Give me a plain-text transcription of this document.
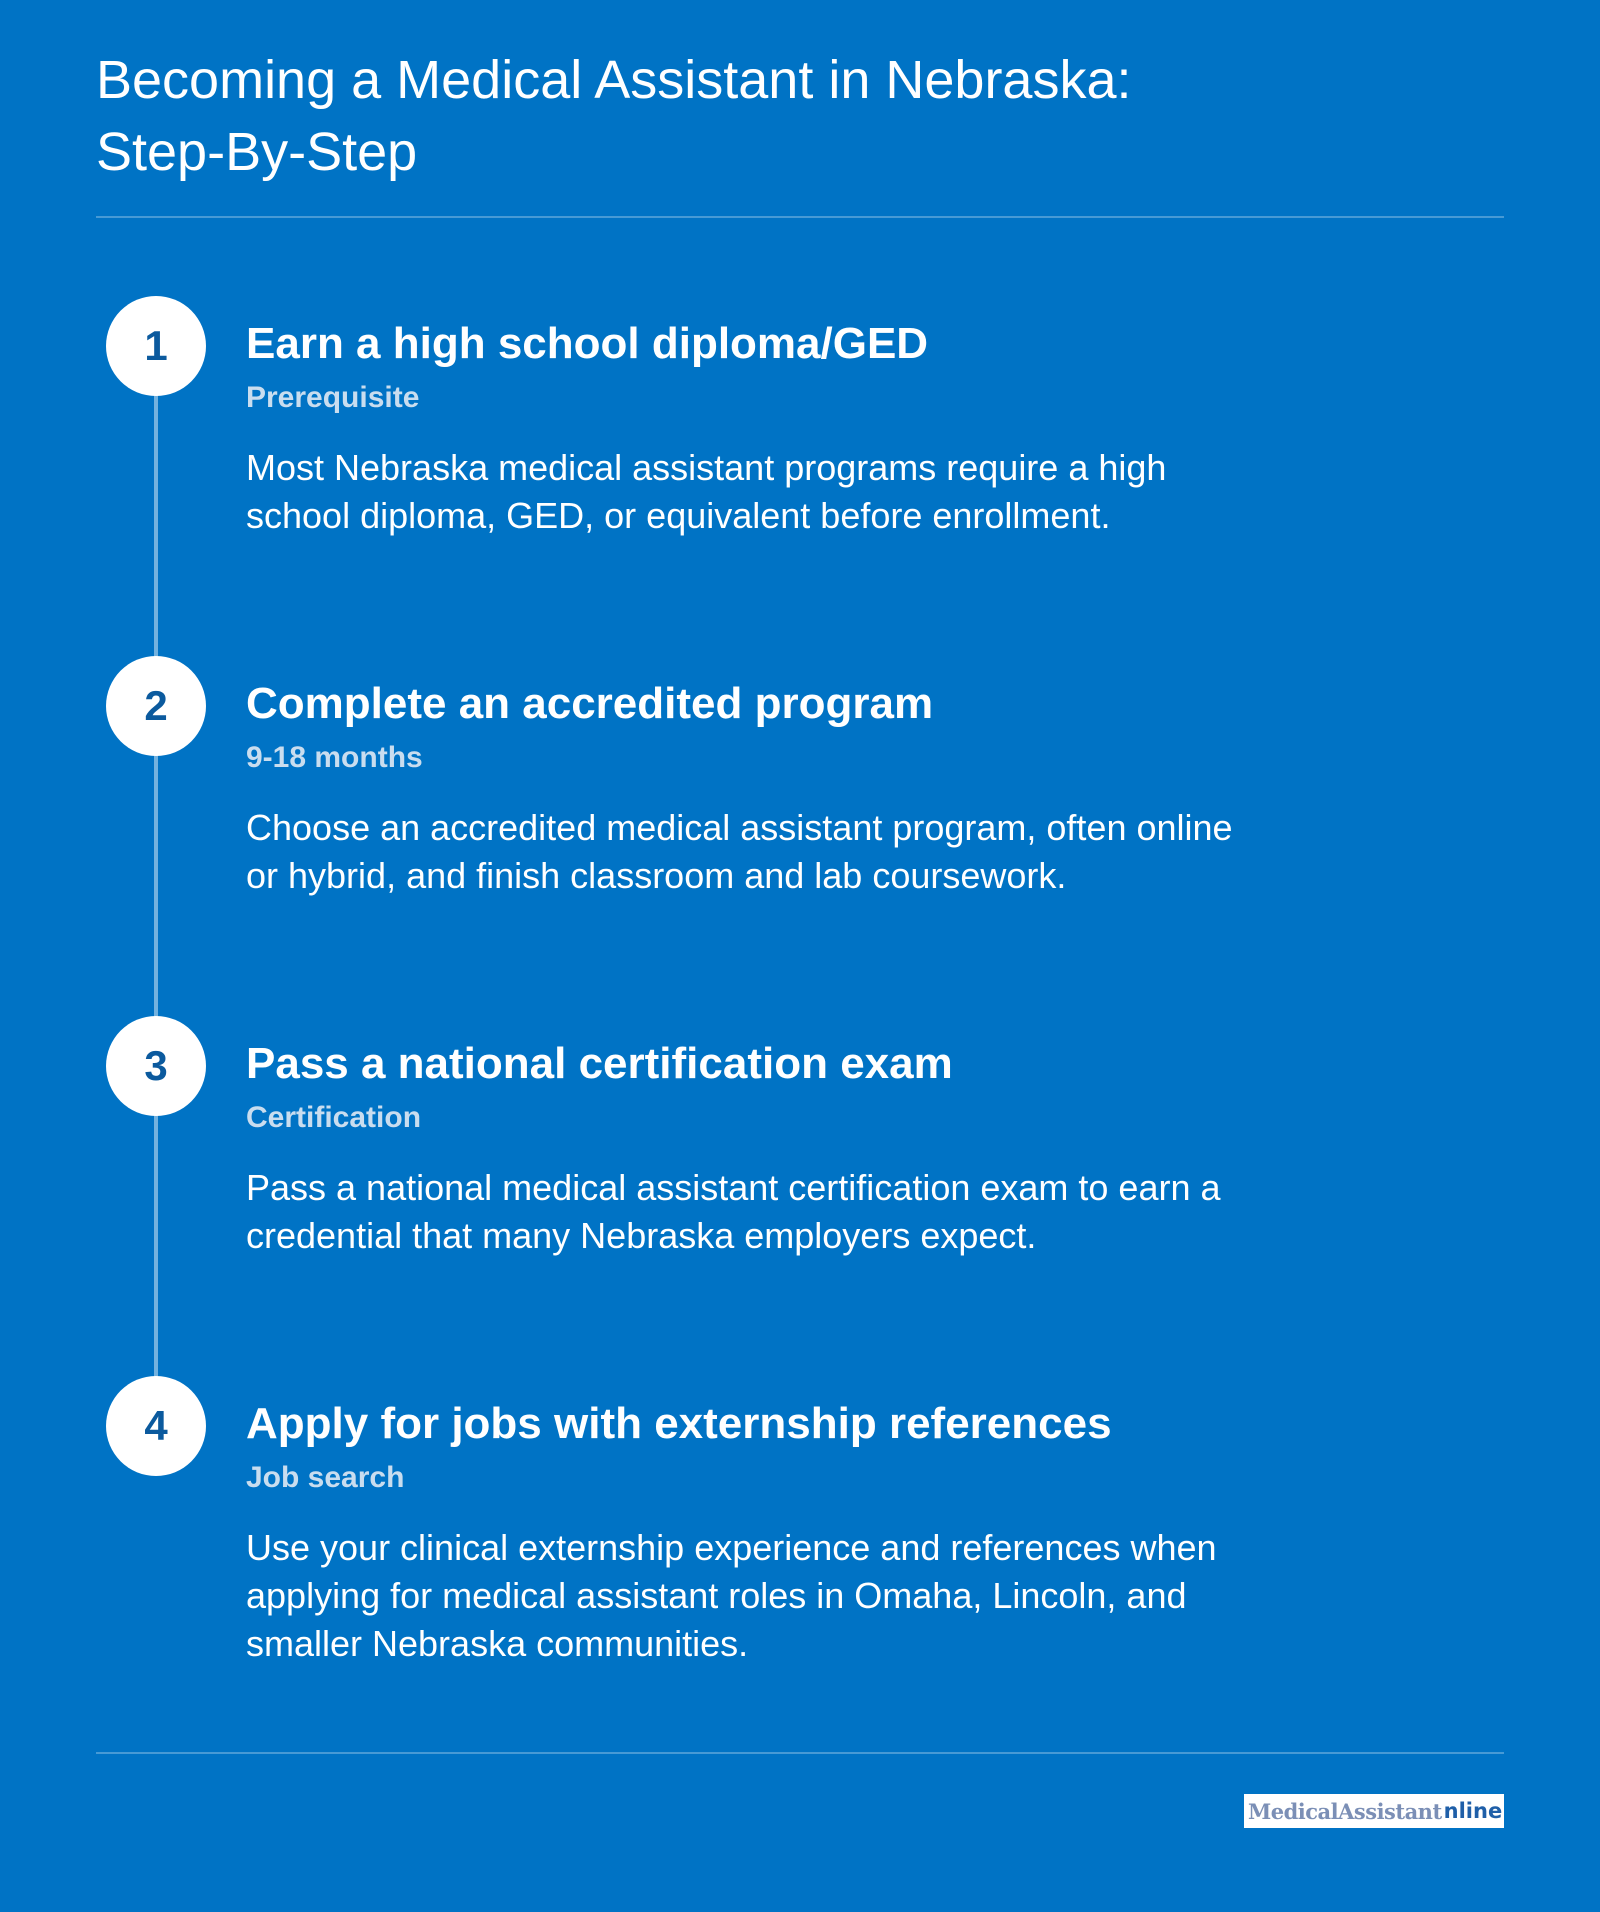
Becoming a Medical Assistant in Nebraska:
Step-By-Step
1	Earn a high school diploma/GED
Prerequisite
Most Nebraska medical assistant programs require a high school diploma, GED, or equivalent before enrollment.
2	Complete an accredited program
9-18 months
Choose an accredited medical assistant program, often online or hybrid, and finish classroom and lab coursework.
3	Pass a national certification exam
Certification
Pass a national medical assistant certification exam to earn a credential that many Nebraska employers expect.
4	Apply for jobs with externship references
Job search
Use your clinical externship experience and references when applying for medical assistant roles in Omaha, Lincoln, and smaller Nebraska communities.
MedicalAssistant nline
